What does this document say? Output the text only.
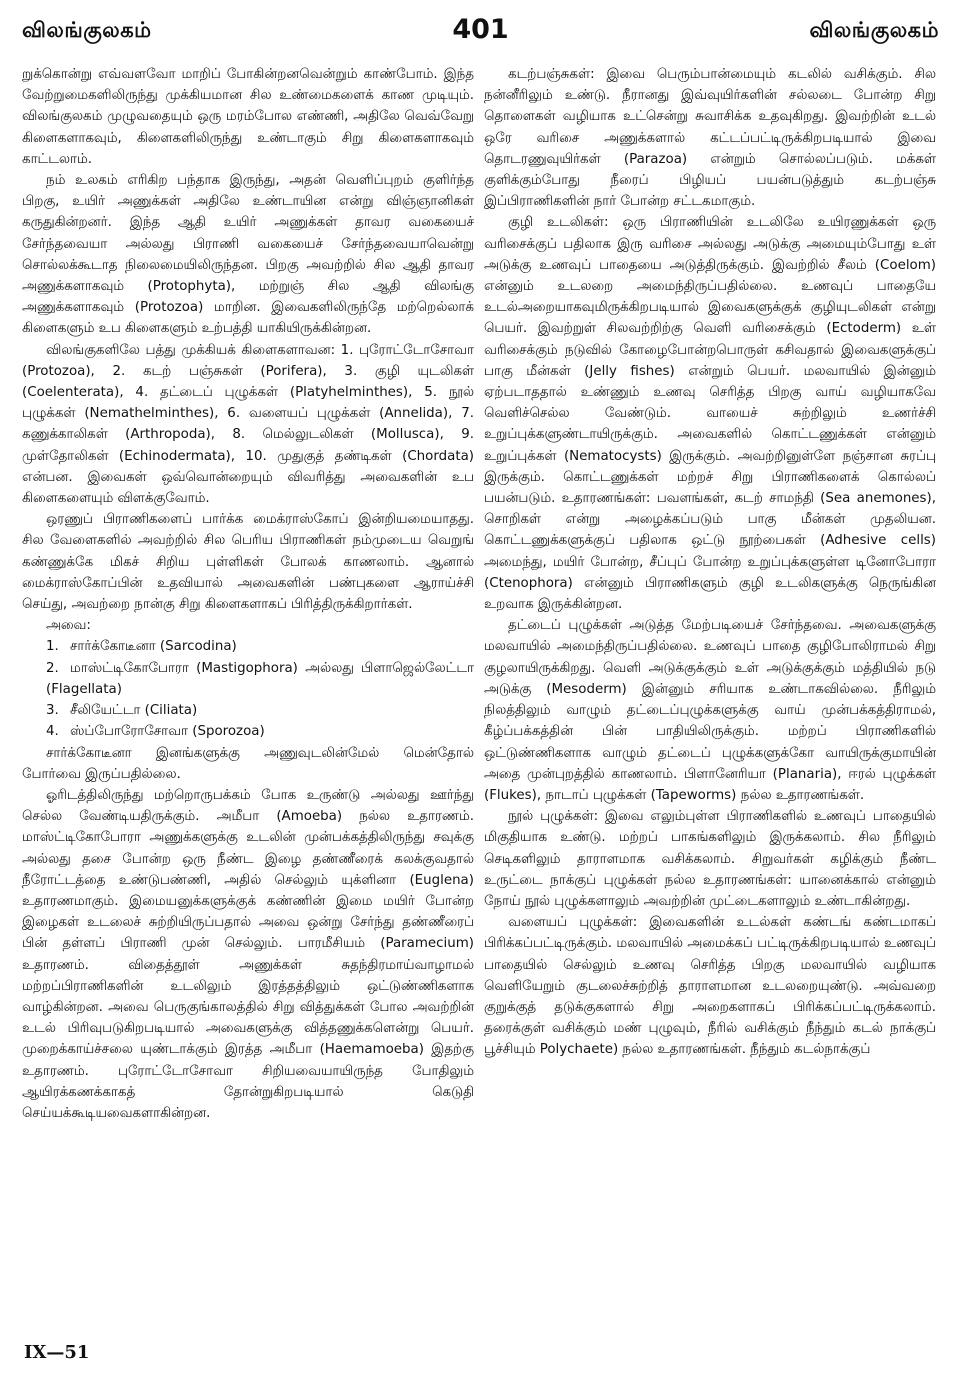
விலங்குலகம்	401	விலங்குலகம்

றுக்கொன்று எவ்வளவோ மாறிப் போகின்றனவென்றும் காண்போம். இந்த வேற்றுமைகளிலிருந்து முக்கியமான சில உண்மைகளைக் காண முடியும். விலங்குலகம் முழுவதையும் ஒரு மரம்போல எண்ணி, அதிலே வெவ்வேறு கிளைகளாகவும், கிளைகளிலிருந்து உண்டாகும் சிறு கிளைகளாகவும் காட்டலாம்.

நம் உலகம் எரிகிற பந்தாக இருந்து, அதன் வெளிப்புறம் குளிர்ந்த பிறகு, உயிர் அணுக்கள் அதிலே உண்டாயின என்று விஞ்ஞானிகள் கருதுகின்றனர். இந்த ஆதி உயிர் அணுக்கள் தாவர வகையைச் சேர்ந்தவையா அல்லது பிராணி வகையைச் சேர்ந்தவையாவென்று சொல்லக்கூடாத நிலைமையிலிருந்தன. பிறகு அவற்றில் சில ஆதி தாவர அணுக்களாகவும் (Protophyta), மற்றுஞ் சில ஆதி விலங்கு அணுக்களாகவும் (Protozoa) மாறின. இவைகளிலிருந்தே மற்றெல்லாக் கிளைகளும் உப கிளைகளும் உற்பத்தி யாகியிருக்கின்றன.

விலங்குகளிலே பத்து முக்கியக் கிளைகளாவன: 1. புரோட்டோசோவா (Protozoa), 2. கடற் பஞ்சுகள் (Porifera), 3. குழி யுடலிகள் (Coelenterata), 4. தட்டைப் புழுக்கள் (Platyhelminthes), 5. நூல் புழுக்கள் (Nemathelminthes), 6. வளையப் புழுக்கள் (Annelida), 7. கணுக்காலிகள் (Arthropoda), 8. மெல்லுடலிகள் (Mollusca), 9. முள்தோலிகள் (Echinodermata), 10. முதுகுத் தண்டிகள் (Chordata) என்பன. இவைகள் ஒவ்வொன்றையும் விவரித்து அவைகளின் உப கிளைகளையும் விளக்குவோம்.

ஒரணுப் பிராணிகளைப் பார்க்க மைக்ராஸ்கோப் இன்றியமையாதது. சில வேளைகளில் அவற்றில் சில பெரிய பிராணிகள் நம்முடைய வெறுங் கண்ணுக்கே மிகச் சிறிய புள்ளிகள் போலக் காணலாம். ஆனால் மைக்ராஸ்கோப்பின் உதவியால் அவைகளின் பண்புகளை ஆராய்ச்சி செய்து, அவற்றை நான்கு சிறு கிளைகளாகப் பிரித்திருக்கிறார்கள்.

அவை:

1. சார்க்கோடீனா (Sarcodina)
2. மாஸ்ட்டிகோபோரா (Mastigophora) அல்லது பிளாஜெல்லேட்டா (Flagellata)
3. சீலியேட்டா (Ciliata)
4. ஸ்ப்போரோசோவா (Sporozoa)

சார்க்கோடீனா இனங்களுக்கு அணுவுடலின்மேல் மென்தோல் போர்வை இருப்பதில்லை.

ஓரிடத்திலிருந்து மற்றொருபக்கம் போக உருண்டு அல்லது ஊர்ந்து செல்ல வேண்டியதிருக்கும். அமீபா (Amoeba) நல்ல உதாரணம். மாஸ்ட்டிகோபோரா அணுக்களுக்கு உடலின் முன்பக்கத்திலிருந்து சவுக்கு அல்லது தசை போன்ற ஒரு நீண்ட இழை தண்ணீரைக் கலக்குவதால் நீரோட்டத்தை உண்டுபண்ணி, அதில் செல்லும் யுக்ளினா (Euglena) உதாரணமாகும். இமையனுக்களுக்குக் கண்ணின் இமை மயிர் போன்ற இழைகள் உடலைச் சுற்றியிருப்பதால் அவை ஒன்று சேர்ந்து தண்ணீரைப் பின் தள்ளப் பிராணி முன் செல்லும். பாரமீசியம் (Paramecium) உதாரணம். விதைத்தூள் அணுக்கள் சுதந்திரமாய்வாழாமல் மற்றப்பிராணிகளின் உடலிலும் இரத்தத்திலும் ஒட்டுண்ணிகளாக வாழ்கின்றன. அவை பெருகுங்காலத்தில் சிறு வித்துக்கள் போல அவற்றின் உடல் பிரிவுபடுகிறபடியால் அவைகளுக்கு வித்தணுக்களென்று பெயர். முறைக்காய்ச்சலை யுண்டாக்கும் இரத்த அமீபா (Haemamoeba) இதற்கு உதாரணம். புரோட்டோசோவா சிறியவையாயிருந்த போதிலும் ஆயிரக்கணக்காகத் தோன்றுகிறபடியால் கெடுதி செய்யக்கூடியவைகளாகின்றன.

கடற்பஞ்சுகள்: இவை பெரும்பான்மையும் கடலில் வசிக்கும். சில நன்னீரிலும் உண்டு. நீரானது இவ்வுயிர்களின் சல்லடை போன்ற சிறு தொளைகள் வழியாக உட்சென்று சுவாசிக்க உதவுகிறது. இவற்றின் உடல் ஒரே வரிசை அணுக்களால் கட்டப்பட்டிருக்கிறபடியால் இவை தொடரணுவுயிர்கள் (Parazoa) என்றும் சொல்லப்படும். மக்கள் குளிக்கும்போது நீரைப் பிழியப் பயன்படுத்தும் கடற்பஞ்சு இப்பிராணிகளின் நார் போன்ற சட்டகமாகும்.

குழி உடலிகள்: ஒரு பிராணியின் உடலிலே உயிரணுக்கள் ஒரு வரிசைக்குப் பதிலாக இரு வரிசை அல்லது அடுக்கு அமையும்போது உள் அடுக்கு உணவுப் பாதையை அடுத்திருக்கும். இவற்றில் சீலம் (Coelom) என்னும் உடலறை அமைந்திருப்பதில்லை. உணவுப் பாதையே உடல்அறையாகவுமிருக்கிறபடியால் இவைகளுக்குக் குழியுடலிகள் என்று பெயர். இவற்றுள் சிலவற்றிற்கு வெளி வரிசைக்கும் (Ectoderm) உள் வரிசைக்கும் நடுவில் கோழைபோன்றபொருள் கசிவதால் இவைகளுக்குப் பாகு மீன்கள் (Jelly fishes) என்றும் பெயர். மலவாயில் இன்னும் ஏற்படாததால் உண்ணும் உணவு செரித்த பிறகு வாய் வழியாகவே வெளிச்செல்ல வேண்டும். வாயைச் சுற்றிலும் உணர்ச்சி உறுப்புக்களுண்டாயிருக்கும். அவைகளில் கொட்டணுக்கள் என்னும் உறுப்புக்கள் (Nematocysts) இருக்கும். அவற்றினுள்ளே நஞ்சான சுரப்பு இருக்கும். கொட்டணுக்கள் மற்றச் சிறு பிராணிகளைக் கொல்லப் பயன்படும். உதாரணங்கள்: பவளங்கள், கடற் சாமந்தி (Sea anemones), சொறிகள் என்று அழைக்கப்படும் பாகு மீன்கள் முதலியன. கொட்டணுக்களுக்குப் பதிலாக ஒட்டு நூற்பைகள் (Adhesive cells) அமைந்து, மயிர் போன்ற, சீப்புப் போன்ற உறுப்புக்களுள்ள டினோபோரா (Ctenophora) என்னும் பிராணிகளும் குழி உடலிகளுக்கு நெருங்கின உறவாக இருக்கின்றன.

தட்டைப் புழுக்கள் அடுத்த மேற்படியைச் சேர்ந்தவை. அவைகளுக்கு மலவாயில் அமைந்திருப்பதில்லை. உணவுப் பாதை குழிபோலிராமல் சிறு குழலாயிருக்கிறது. வெளி அடுக்குக்கும் உள் அடுக்குக்கும் மத்தியில் நடு அடுக்கு (Mesoderm) இன்னும் சரியாக உண்டாகவில்லை. நீரிலும் நிலத்திலும் வாழும் தட்டைப்புழுக்களுக்கு வாய் முன்பக்கத்திராமல், கீழ்ப்பக்கத்தின் பின் பாதியிலிருக்கும். மற்றப் பிராணிகளில் ஒட்டுண்ணிகளாக வாழும் தட்டைப் புழுக்களுக்கோ வாயிருக்குமாயின் அதை முன்புறத்தில் காணலாம். பிளானேரியா (Planaria), ஈரல் புழுக்கள் (Flukes), நாடாப் புழுக்கள் (Tapeworms) நல்ல உதாரணங்கள்.

நூல் புழுக்கள்: இவை எலும்புள்ள பிராணிகளில் உணவுப் பாதையில் மிகுதியாக உண்டு. மற்றப் பாகங்களிலும் இருக்கலாம். சில நீரிலும் செடிகளிலும் தாராளமாக வசிக்கலாம். சிறுவர்கள் கழிக்கும் நீண்ட உருட்டை நாக்குப் புழுக்கள் நல்ல உதாரணங்கள்: யானைக்கால் என்னும் நோய் நூல் புழுக்களாலும் அவற்றின் முட்டைகளாலும் உண்டாகின்றது.

வளையப் புழுக்கள்: இவைகளின் உடல்கள் கண்டங் கண்டமாகப் பிரிக்கப்பட்டிருக்கும். மலவாயில் அமைக்கப் பட்டிருக்கிறபடியால் உணவுப் பாதையில் செல்லும் உணவு செரித்த பிறகு மலவாயில் வழியாக வெளியேறும் குடலைச்சுற்றித் தாராளமான உடலறையுண்டு. அவ்வறை குறுக்குத் தடுக்குகளால் சிறு அறைகளாகப் பிரிக்கப்பட்டிருக்கலாம். தரைக்குள் வசிக்கும் மண் புழுவும், நீரில் வசிக்கும் நீந்தும் கடல் நாக்குப் பூச்சியும் Polychaete) நல்ல உதாரணங்கள். நீந்தும் கடல்நாக்குப்

IX—51
